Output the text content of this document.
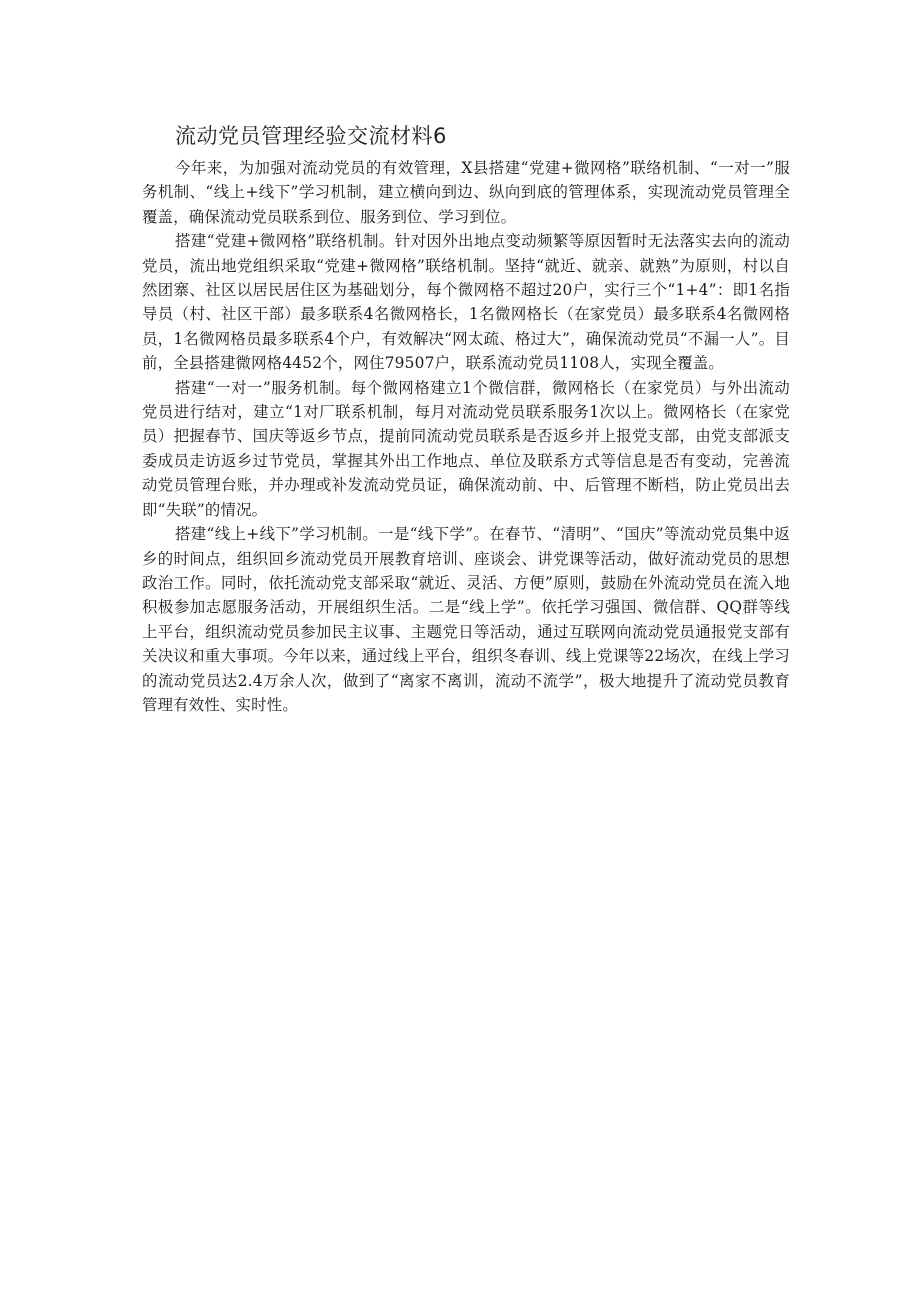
流动党员管理经验交流材料6

今年来，为加强对流动党员的有效管理，X县搭建“党建+微网格”联络机制、“一对一”服务机制、“线上+线下”学习机制，建立横向到边、纵向到底的管理体系，实现流动党员管理全覆盖，确保流动党员联系到位、服务到位、学习到位。

搭建“党建+微网格”联络机制。针对因外出地点变动频繁等原因暂时无法落实去向的流动党员，流出地党组织采取“党建+微网格”联络机制。坚持“就近、就亲、就熟”为原则，村以自然团寨、社区以居民居住区为基础划分，每个微网格不超过20户，实行三个“1+4”：即1名指导员（村、社区干部）最多联系4名微网格长，1名微网格长（在家党员）最多联系4名微网格员，1名微网格员最多联系4个户，有效解决“网太疏、格过大”，确保流动党员“不漏一人”。目前，全县搭建微网格4452个，网住79507户，联系流动党员1108人，实现全覆盖。

搭建“一对一”服务机制。每个微网格建立1个微信群，微网格长（在家党员）与外出流动党员进行结对，建立“1对厂联系机制，每月对流动党员联系服务1次以上。微网格长（在家党员）把握春节、国庆等返乡节点，提前同流动党员联系是否返乡并上报党支部，由党支部派支委成员走访返乡过节党员，掌握其外出工作地点、单位及联系方式等信息是否有变动，完善流动党员管理台账，并办理或补发流动党员证，确保流动前、中、后管理不断档，防止党员出去即“失联”的情况。

搭建“线上+线下”学习机制。一是“线下学”。在春节、“清明”、“国庆”等流动党员集中返乡的时间点，组织回乡流动党员开展教育培训、座谈会、讲党课等活动，做好流动党员的思想政治工作。同时，依托流动党支部采取“就近、灵活、方便”原则，鼓励在外流动党员在流入地积极参加志愿服务活动，开展组织生活。二是“线上学”。依托学习强国、微信群、QQ群等线上平台，组织流动党员参加民主议事、主题党日等活动，通过互联网向流动党员通报党支部有关决议和重大事项。今年以来，通过线上平台，组织冬春训、线上党课等22场次，在线上学习的流动党员达2.4万余人次，做到了“离家不离训，流动不流学”，极大地提升了流动党员教育管理有效性、实时性。
